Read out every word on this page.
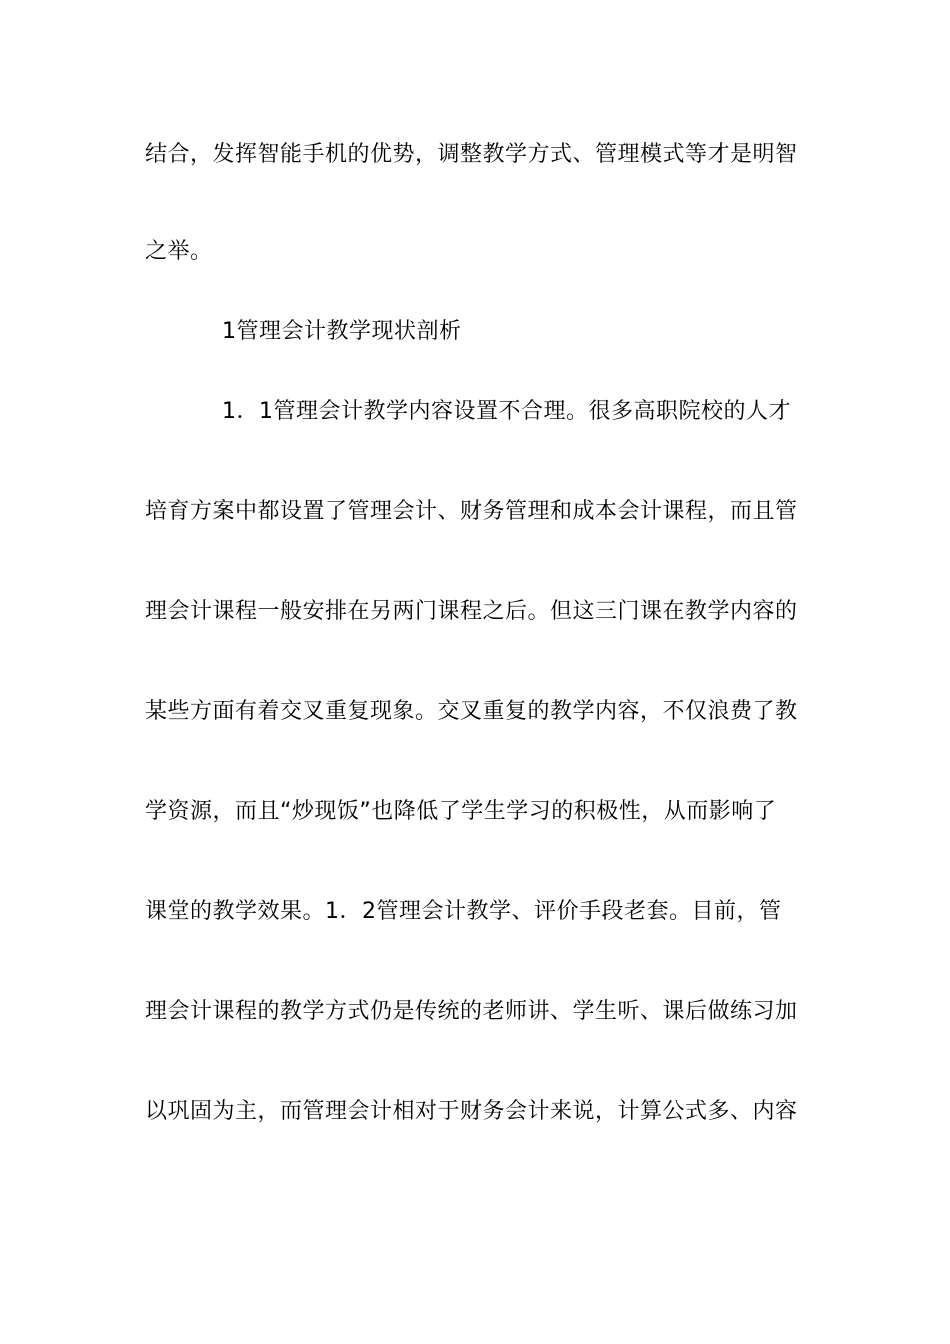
结合，发挥智能手机的优势，调整教学方式、管理模式等才是明智
之举。
1管理会计教学现状剖析
1．1管理会计教学内容设置不合理。很多高职院校的人才
培育方案中都设置了管理会计、财务管理和成本会计课程，而且管
理会计课程一般安排在另两门课程之后。但这三门课在教学内容的
某些方面有着交叉重复现象。交叉重复的教学内容，不仅浪费了教
学资源，而且“炒现饭”也降低了学生学习的积极性，从而影响了
课堂的教学效果。1．2管理会计教学、评价手段老套。目前，管
理会计课程的教学方式仍是传统的老师讲、学生听、课后做练习加
以巩固为主，而管理会计相对于财务会计来说，计算公式多、内容
